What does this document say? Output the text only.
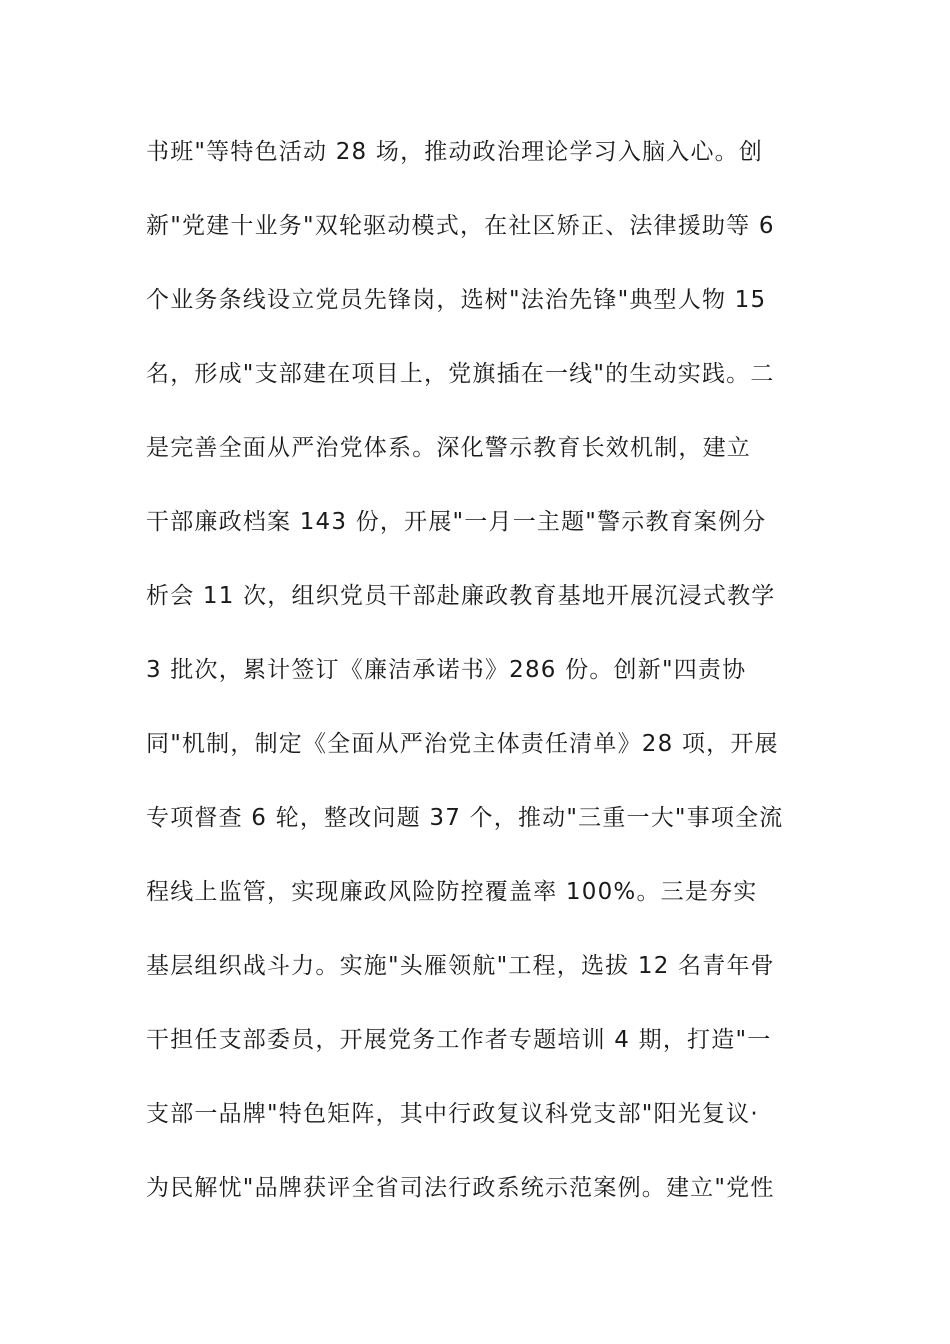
书班"等特色活动 28 场，推动政治理论学习入脑入心。创
新"党建十业务"双轮驱动模式，在社区矫正、法律援助等 6
个业务条线设立党员先锋岗，选树"法治先锋"典型人物 15
名，形成"支部建在项目上，党旗插在一线"的生动实践。二
是完善全面从严治党体系。深化警示教育长效机制，建立
干部廉政档案 143 份，开展"一月一主题"警示教育案例分
析会 11 次，组织党员干部赴廉政教育基地开展沉浸式教学
3 批次，累计签订《廉洁承诺书》286 份。创新"四责协
同"机制，制定《全面从严治党主体责任清单》28 项，开展
专项督查 6 轮，整改问题 37 个，推动"三重一大"事项全流
程线上监管，实现廉政风险防控覆盖率 100%。三是夯实
基层组织战斗力。实施"头雁领航"工程，选拔 12 名青年骨
干担任支部委员，开展党务工作者专题培训 4 期，打造"一
支部一品牌"特色矩阵，其中行政复议科党支部"阳光复议·
为民解忧"品牌获评全省司法行政系统示范案例。建立"党性
